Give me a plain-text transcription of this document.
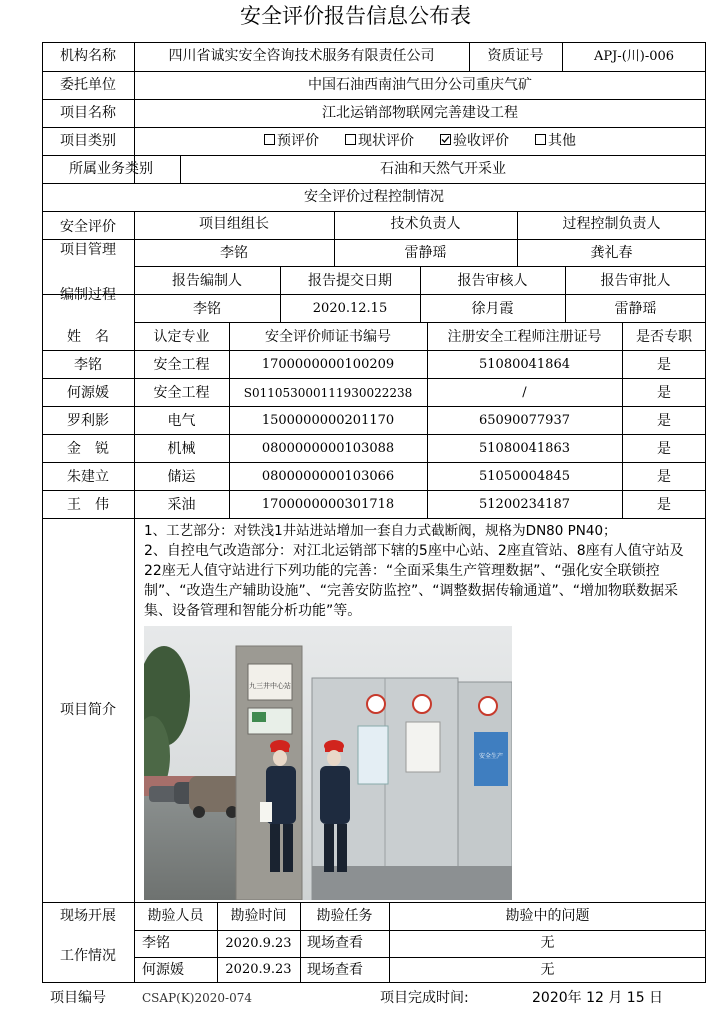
安全评价报告信息公布表
机构名称	四川省诚实安全咨询技术服务有限责任公司	资质证号	APJ-(川)-006
委托单位	中国石油西南油气田分公司重庆气矿
项目名称	江北运销部物联网完善建设工程
项目类别	预评价	现状评价	验收评价	其他
所属业务类别	石油和天然气开采业
安全评价过程控制情况
安全评价
项目管理
项目组组长	技术负责人	过程控制负责人
李铭	雷静瑶	龚礼春
编制过程
报告编制人	报告提交日期	报告审核人	报告审批人
李铭	2020.12.15	徐月霞	雷静瑶
姓　名	认定专业	安全评价师证书编号	注册安全工程师注册证号	是否专职
李铭	安全工程	1700000000100209	51080041864	是
何源媛	安全工程	S011053000111930022238	/	是
罗利影	电气	1500000000201170	65090077937	是
金　锐	机械	0800000000103088	51080041863	是
朱建立	储运	0800000000103066	51050004845	是
王　伟	采油	1700000000301718	51200234187	是
项目简介
1、工艺部分：对铁浅1井站进站增加一套自力式截断阀，规格为DN80 PN40；
2、自控电气改造部分：对江北运销部下辖的5座中心站、2座直管站、8座有人值守站及22座无人值守站进行下列功能的完善：“全面采集生产管理数据”、“强化安全联锁控制”、“改造生产辅助设施”、“完善安防监控”、“调整数据传输通道”、“增加物联数据采集、设备管理和智能分析功能”等。
九三井中心站
安全生产
现场开展
工作情况
勘验人员	勘验时间	勘验任务	勘验中的问题
李铭	2020.9.23	现场查看	无
何源媛	2020.9.23	现场查看	无
项目编号	CSAP(K)2020-074	项目完成时间:	2020年 12 月 15 日
